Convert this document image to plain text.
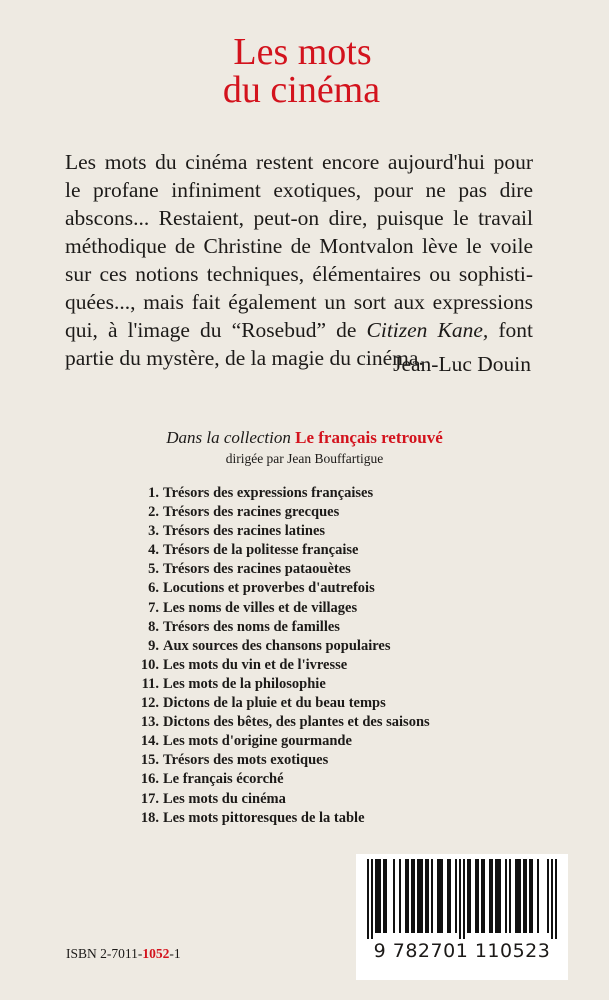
Les mots
du cinéma
Les mots du cinéma restent encore aujourd'hui pour
le profane infiniment exotiques, pour ne pas dire
abscons... Restaient, peut-on dire, puisque le travail
méthodique de Christine de Montvalon lève le voile
sur ces notions techniques, élémentaires ou sophisti-
quées..., mais fait également un sort aux expressions
qui, à l'image du “Rosebud” de Citizen Kane, font
partie du mystère, de la magie du cinéma.
Jean-Luc Douin
Dans la collection Le français retrouvé
dirigée par Jean Bouffartigue
1. Trésors des expressions françaises
2. Trésors des racines grecques
3. Trésors des racines latines
4. Trésors de la politesse française
5. Trésors des racines pataouètes
6. Locutions et proverbes d'autrefois
7. Les noms de villes et de villages
8. Trésors des noms de familles
9. Aux sources des chansons populaires
10. Les mots du vin et de l'ivresse
11. Les mots de la philosophie
12. Dictons de la pluie et du beau temps
13. Dictons des bêtes, des plantes et des saisons
14. Les mots d'origine gourmande
15. Trésors des mots exotiques
16. Le français écorché
17. Les mots du cinéma
18. Les mots pittoresques de la table
ISBN 2-7011-1052-1	9 782701 110523
